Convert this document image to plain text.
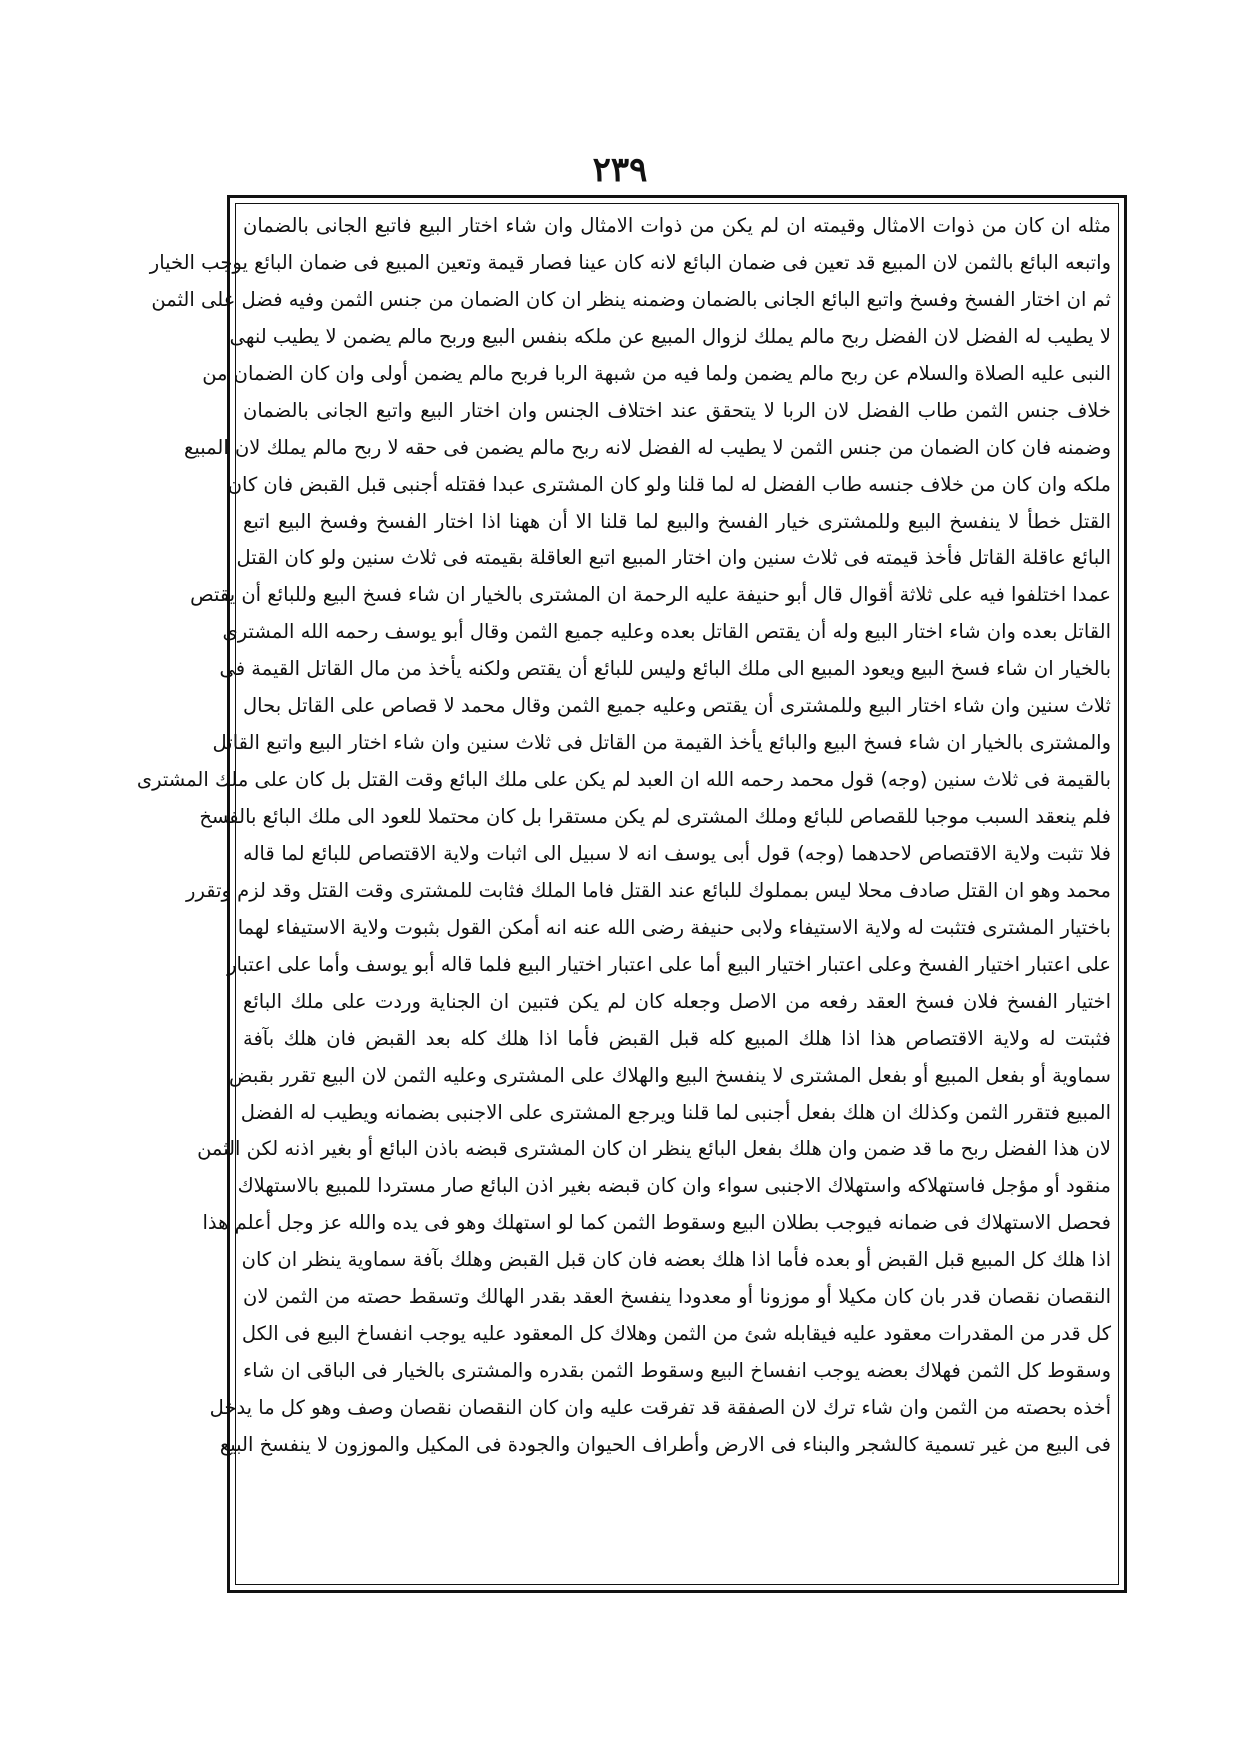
٢٣٩
مثله ان كان من ذوات الامثال وقيمته ان لم يكن من ذوات الامثال وان شاء اختار البيع فاتبع الجانى بالضمان
واتبعه البائع بالثمن لان المبيع قد تعين فى ضمان البائع لانه كان عينا فصار قيمة وتعين المبيع فى ضمان البائع يوجب الخيار
ثم ان اختار الفسخ وفسخ واتبع البائع الجانى بالضمان وضمنه ينظر ان كان الضمان من جنس الثمن وفيه فضل على الثمن
لا يطيب له الفضل لان الفضل ربح مالم يملك لزوال المبيع عن ملكه بنفس البيع وربح مالم يضمن لا يطيب لنهى
النبى عليه الصلاة والسلام عن ربح مالم يضمن ولما فيه من شبهة الربا فربح مالم يضمن أولى وان كان الضمان من
خلاف جنس الثمن طاب الفضل لان الربا لا يتحقق عند اختلاف الجنس وان اختار البيع واتبع الجانى بالضمان
وضمنه فان كان الضمان من جنس الثمن لا يطيب له الفضل لانه ربح مالم يضمن فى حقه لا ربح مالم يملك لان المبيع
ملكه وان كان من خلاف جنسه طاب الفضل له لما قلنا ولو كان المشترى عبدا فقتله أجنبى قبل القبض فان كان
القتل خطأ لا ينفسخ البيع وللمشترى خيار الفسخ والبيع لما قلنا الا أن ههنا اذا اختار الفسخ وفسخ البيع اتبع
البائع عاقلة القاتل فأخذ قيمته فى ثلاث سنين وان اختار المبيع اتبع العاقلة بقيمته فى ثلاث سنين ولو كان القتل
عمدا اختلفوا فيه على ثلاثة أقوال قال أبو حنيفة عليه الرحمة ان المشترى بالخيار ان شاء فسخ البيع وللبائع أن يقتص
القاتل بعده وان شاء اختار البيع وله أن يقتص القاتل بعده وعليه جميع الثمن وقال أبو يوسف رحمه الله المشترى
بالخيار ان شاء فسخ البيع ويعود المبيع الى ملك البائع وليس للبائع أن يقتص ولكنه يأخذ من مال القاتل القيمة فى
ثلاث سنين وان شاء اختار البيع وللمشترى أن يقتص وعليه جميع الثمن وقال محمد لا قصاص على القاتل بحال
والمشترى بالخيار ان شاء فسخ البيع والبائع يأخذ القيمة من القاتل فى ثلاث سنين وان شاء اختار البيع واتبع القاتل
بالقيمة فى ثلاث سنين (وجه) قول محمد رحمه الله ان العبد لم يكن على ملك البائع وقت القتل بل كان على ملك المشترى
فلم ينعقد السبب موجبا للقصاص للبائع وملك المشترى لم يكن مستقرا بل كان محتملا للعود الى ملك البائع بالفسخ
فلا تثبت ولاية الاقتصاص لاحدهما (وجه) قول أبى يوسف انه لا سبيل الى اثبات ولاية الاقتصاص للبائع لما قاله
محمد وهو ان القتل صادف محلا ليس بمملوك للبائع عند القتل فاما الملك فثابت للمشترى وقت القتل وقد لزم وتقرر
باختيار المشترى فتثبت له ولاية الاستيفاء ولابى حنيفة رضى الله عنه انه أمكن القول بثبوت ولاية الاستيفاء لهما
على اعتبار اختيار الفسخ وعلى اعتبار اختيار البيع أما على اعتبار اختيار البيع فلما قاله أبو يوسف وأما على اعتبار
اختيار الفسخ فلان فسخ العقد رفعه من الاصل وجعله كان لم يكن فتبين ان الجناية وردت على ملك البائع
فثبتت له ولاية الاقتصاص هذا اذا هلك المبيع كله قبل القبض فأما اذا هلك كله بعد القبض فان هلك بآفة
سماوية أو بفعل المبيع أو بفعل المشترى لا ينفسخ البيع والهلاك على المشترى وعليه الثمن لان البيع تقرر بقبض
المبيع فتقرر الثمن وكذلك ان هلك بفعل أجنبى لما قلنا ويرجع المشترى على الاجنبى بضمانه ويطيب له الفضل
لان هذا الفضل ربح ما قد ضمن وان هلك بفعل البائع ينظر ان كان المشترى قبضه باذن البائع أو بغير اذنه لكن الثمن
منقود أو مؤجل فاستهلاكه واستهلاك الاجنبى سواء وان كان قبضه بغير اذن البائع صار مستردا للمبيع بالاستهلاك
فحصل الاستهلاك فى ضمانه فيوجب بطلان البيع وسقوط الثمن كما لو استهلك وهو فى يده والله عز وجل أعلم هذا
اذا هلك كل المبيع قبل القبض أو بعده فأما اذا هلك بعضه فان كان قبل القبض وهلك بآفة سماوية ينظر ان كان
النقصان نقصان قدر بان كان مكيلا أو موزونا أو معدودا ينفسخ العقد بقدر الهالك وتسقط حصته من الثمن لان
كل قدر من المقدرات معقود عليه فيقابله شئ من الثمن وهلاك كل المعقود عليه يوجب انفساخ البيع فى الكل
وسقوط كل الثمن فهلاك بعضه يوجب انفساخ البيع وسقوط الثمن بقدره والمشترى بالخيار فى الباقى ان شاء
أخذه بحصته من الثمن وان شاء ترك لان الصفقة قد تفرقت عليه وان كان النقصان نقصان وصف وهو كل ما يدخل
فى البيع من غير تسمية كالشجر والبناء فى الارض وأطراف الحيوان والجودة فى المكيل والموزون لا ينفسخ البيع
